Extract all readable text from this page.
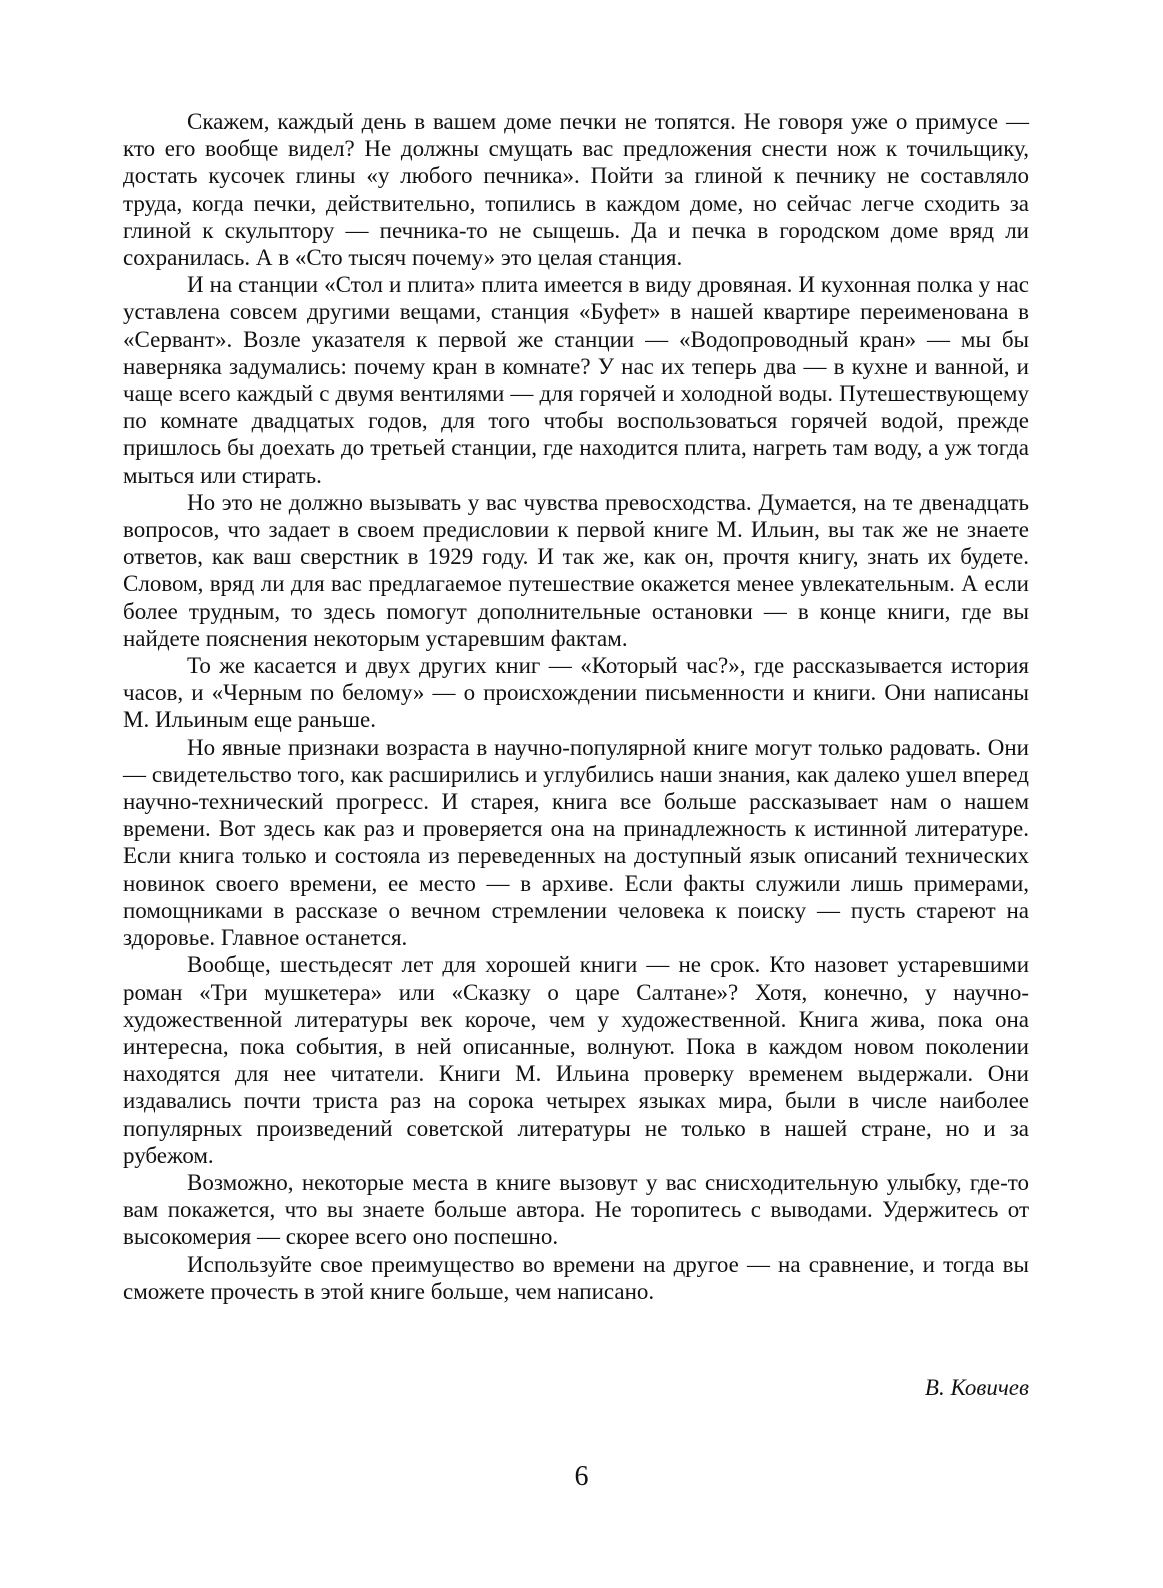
Скажем, каждый день в вашем доме печки не топятся. Не говоря уже о примусе — кто его вообще видел? Не должны смущать вас предложения снести нож к точильщику, достать кусочек глины «у любого печника». Пойти за глиной к печнику не составляло труда, когда печки, действительно, топились в каждом доме, но сейчас легче сходить за глиной к скульптору — печника-то не сыщешь. Да и печка в городском доме вряд ли сохранилась. А в «Сто тысяч почему» это целая станция.

И на станции «Стол и плита» плита имеется в виду дровяная. И кухонная полка у нас уставлена совсем другими вещами, станция «Буфет» в нашей квартире переименована в «Сервант». Возле указателя к первой же станции — «Водопроводный кран» — мы бы наверняка задумались: почему кран в комнате? У нас их теперь два — в кухне и ванной, и чаще всего каждый с двумя вентилями — для горячей и холодной воды. Путешествующему по комнате двадцатых годов, для того чтобы воспользоваться горячей водой, прежде пришлось бы доехать до третьей станции, где находится плита, нагреть там воду, а уж тогда мыться или стирать.

Но это не должно вызывать у вас чувства превосходства. Думается, на те двенадцать вопросов, что задает в своем предисловии к первой книге М. Ильин, вы так же не знаете ответов, как ваш сверстник в 1929 году. И так же, как он, прочтя книгу, знать их будете. Словом, вряд ли для вас предлагаемое путешествие окажется менее увлекательным. А если более трудным, то здесь помогут дополнительные остановки — в конце книги, где вы найдете пояснения некоторым устаревшим фактам.

То же касается и двух других книг — «Который час?», где рассказывается история часов, и «Черным по белому» — о происхождении письменности и книги. Они написаны М. Ильиным еще раньше.

Но явные признаки возраста в научно-популярной книге могут только радовать. Они — свидетельство того, как расширились и углубились наши знания, как далеко ушел вперед научно-технический прогресс. И старея, книга все больше рассказывает нам о нашем времени. Вот здесь как раз и проверяется она на принадлежность к истинной литературе. Если книга только и состояла из переведенных на доступный язык описаний технических новинок своего времени, ее место — в архиве. Если факты служили лишь примерами, помощниками в рассказе о вечном стремлении человека к поиску — пусть стареют на здоровье. Главное останется.

Вообще, шестьдесят лет для хорошей книги — не срок. Кто назовет устаревшими роман «Три мушкетера» или «Сказку о царе Салтане»? Хотя, конечно, у научно-художественной литературы век короче, чем у художественной. Книга жива, пока она интересна, пока события, в ней описанные, волнуют. Пока в каждом новом поколении находятся для нее читатели. Книги М. Ильина проверку временем выдержали. Они издавались почти триста раз на сорока четырех языках мира, были в числе наиболее популярных произведений советской литературы не только в нашей стране, но и за рубежом.

Возможно, некоторые места в книге вызовут у вас снисходительную улыбку, где-то вам покажется, что вы знаете больше автора. Не торопитесь с выводами. Удержитесь от высокомерия — скорее всего оно поспешно.

Используйте свое преимущество во времени на другое — на сравнение, и тогда вы сможете прочесть в этой книге больше, чем написано.

В. Ковичев

6
